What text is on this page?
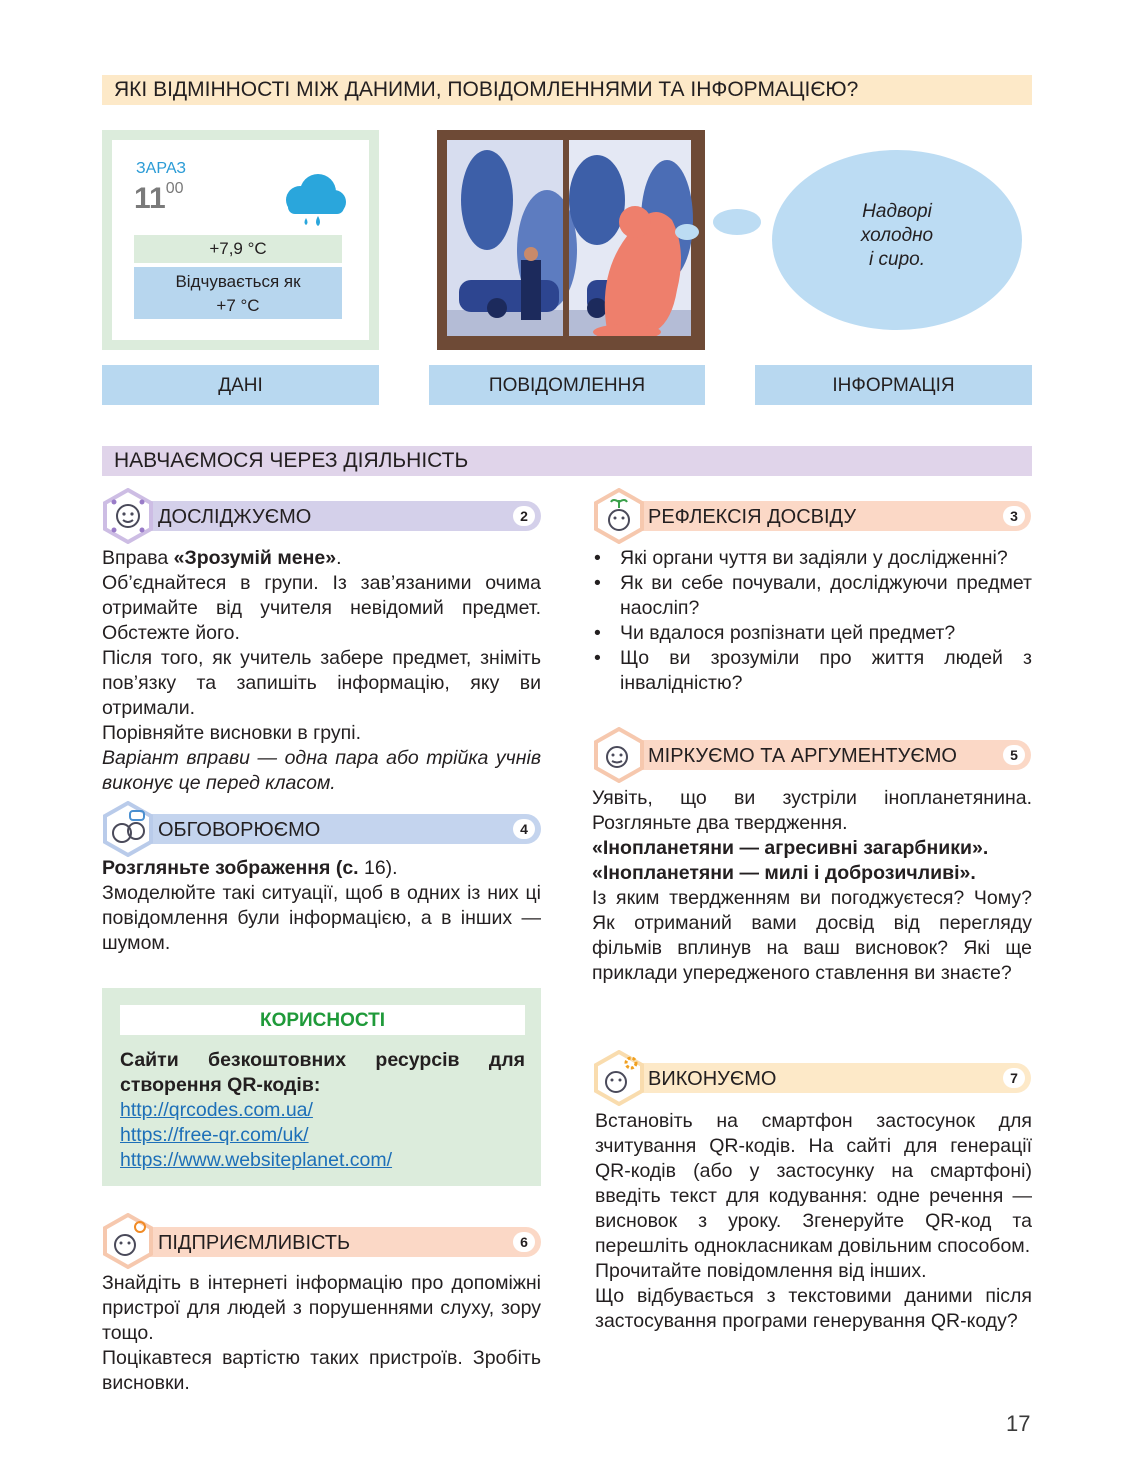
ЯКІ ВІДМІННОСТІ МІЖ ДАНИМИ, ПОВІДОМЛЕННЯМИ ТА ІНФОРМАЦІЄЮ?
ЗАРАЗ
$11^{00}$
+7,9 °C
Відчувається як
+7 °C
Надворі
холодно
і сиро.
ДАНІ	ПОВІДОМЛЕННЯ	ІНФОРМАЦІЯ
НАВЧАЄМОСЯ ЧЕРЕЗ ДІЯЛЬНІСТЬ
ДОСЛІДЖУЄМО	2

Вправа «Зрозумій мене».

Об’єднайтеся в групи. Із зав’язаними очима отримайте від учителя невідомий предмет. Обстежте його.

Після того, як учитель забере предмет, зніміть пов’язку та запишіть інформацію, яку ви отримали.

Порівняйте висновки в групі.

Варіант вправи — одна пара або трійка учнів виконує це перед класом.

ОБГОВОРЮЄМО	4

Розгляньте зображення (с. 16).

Змоделюйте такі ситуації, щоб в одних із них ці повідомлення були інформацією, а в інших — шумом.

КОРИСНОСТІ
Сайти безкоштовних ресурсів для створення QR-кодів:
http://qrcodes.com.ua/
https://free-qr.com/uk/
https://www.websiteplanet.com/
ПІДПРИЄМЛИВІСТЬ	6

Знайдіть в інтернеті інформацію про допоміжні пристрої для людей з порушеннями слуху, зору тощо.

Поцікавтеся вартістю таких пристроїв. Зробіть висновки.

РЕФЛЕКСІЯ ДОСВІДУ	3

• Які органи чуття ви задіяли у дослідженні?

• Як ви себе почували, досліджуючи предмет наосліп?

• Чи вдалося розпізнати цей предмет?

• Що ви зрозуміли про життя людей з інвалідністю?

МІРКУЄМО ТА АРГУМЕНТУЄМО	5

Уявіть, що ви зустріли інопланетянина. Розгляньте два твердження.

«Інопланетяни — агресивні загарбники». «Інопланетяни — милі і доброзичливі».

Із яким твердженням ви погоджуєтеся? Чому? Як отриманий вами досвід від перегляду фільмів вплинув на ваш висновок? Які ще приклади упередженого ставлення ви знаєте?

ВИКОНУЄМО	7

Встановіть на смартфон застосунок для зчитування QR-кодів. На сайті для генерації QR-кодів (або у застосунку на смартфоні) введіть текст для кодування: одне речення — висновок з уроку. Згенеруйте QR-код та перешліть однокласникам довільним способом.

Прочитайте повідомлення від інших.

Що відбувається з текстовими даними після застосування програми генерування QR-коду?

17
